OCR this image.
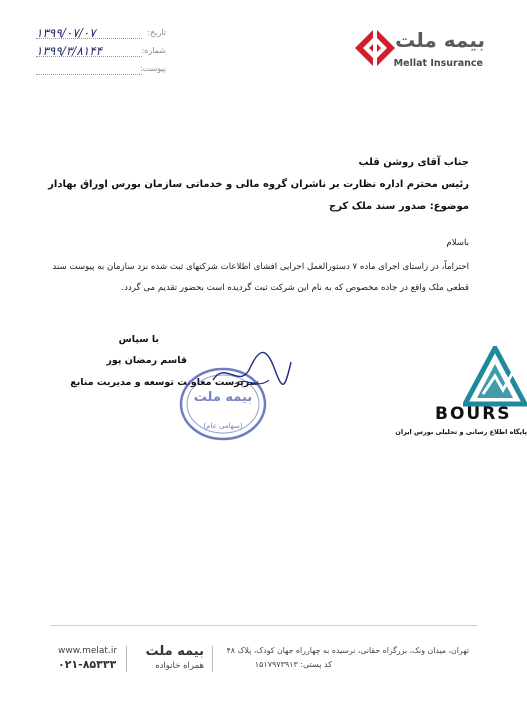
۱۳۹۹/۰۷/۰۷	تاریخ:
۱۳۹۹/۳/۸۱۴۴	شماره:
پیوست:
بیمه ملت
Mellat Insurance
جناب آقای روشن قلب
رئیس محترم اداره نظارت بر ناشران گروه مالی و خدماتی سازمان بورس اوراق بهادار
موضوع: صدور سند ملک کرج
باسلام
احتراماً، در راستای اجرای ماده ۷ دستورالعمل اجرایی افشای اطلاعات شرکتهای ثبت شده نزد سازمان به پیوست سند
قطعی ملک واقع در جاده مخصوص که به نام این شرکت ثبت گردیده است بحضور تقدیم می گردد.
با سپاس
قاسم رمضان پور
سرپرست معاونت توسعه و مدیریت منابع
بیمه ملت
(سهامی عام)
BOURS
پایگاه اطلاع رسانی و تحلیلی بورس ایران
www.melat.ir
۰۲۱-۸۵۳۳۳
بیمه ملت
همراه خانواده
تهران، میدان ونک، بزرگراه حقانی، نرسیده به چهارراه جهان کودک، پلاک ۴۸
کد پستی: ۱۵۱۷۹۷۳۹۱۳
